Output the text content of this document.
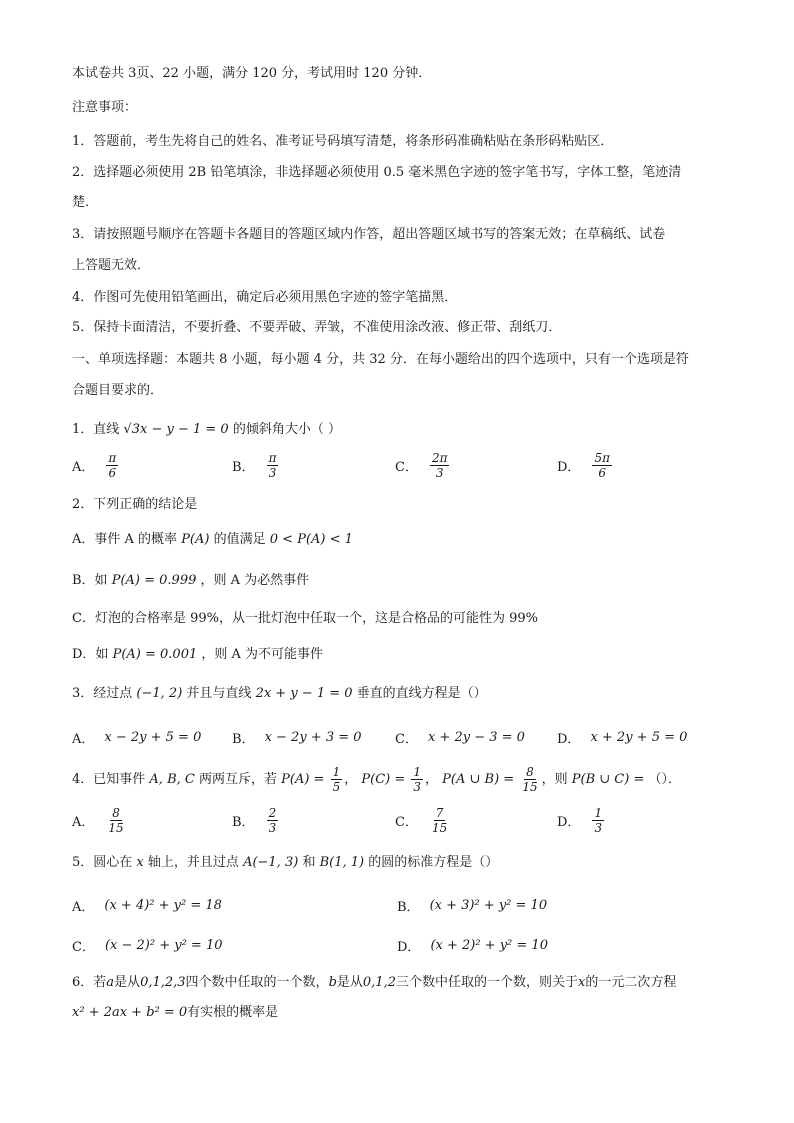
本试卷共 3页、22 小题，满分 120 分，考试用时 120 分钟．
注意事项：
1．答题前，考生先将自己的姓名、准考证号码填写清楚，将条形码准确粘贴在条形码粘贴区．
2．选择题必须使用 2B 铅笔填涂，非选择题必须使用 0.5 毫米黑色字迹的签字笔书写，字体工整，笔迹清
楚．
3．请按照题号顺序在答题卡各题目的答题区域内作答，超出答题区域书写的答案无效；在草稿纸、试卷
上答题无效．
4．作图可先使用铅笔画出，确定后必须用黑色字迹的签字笔描黑．
5．保持卡面清洁，不要折叠、不要弄破、弄皱，不准使用涂改液、修正带、刮纸刀．
一、单项选择题：本题共 8 小题，每小题 4 分，共 32 分．在每小题给出的四个选项中，只有一个选项是符
合题目要求的．
1．直线 √3x − y − 1 = 0 的倾斜角大小（ ）
A． $\frac{\pi}{6}$	B． $\frac{\pi}{3}$	C． $\frac{2\pi}{3}$	D． $\frac{5\pi}{6}$
2．下列正确的结论是
A．事件 A 的概率 P(A) 的值满足 0 < P(A) < 1
B．如 P(A) = 0.999 ，则 A 为必然事件
C．灯泡的合格率是 99%，从一批灯泡中任取一个，这是合格品的可能性为 99%
D．如 P(A) = 0.001 ，则 A 为不可能事件
3．经过点 (−1, 2) 并且与直线 2x + y − 1 = 0 垂直的直线方程是（）
A． x − 2y + 5 = 0 B． x − 2y + 3 = 0	C． x + 2y − 3 = 0 D． x + 2y + 5 = 0
4．已知事件 A, B, C 两两互斥，若 $P(A) = \frac{1}{5}$ ， $P(C) = \frac{1}{3}$ ， P(A ∪ $B) = \frac{8}{15}$ ，则 P(B ∪ C) = （）．
A． $\frac{8}{15}$	B． $\frac{2}{3}$	C． $\frac{7}{15}$	D． $\frac{1}{3}$
5．圆心在 x 轴上，并且过点 A(−1, 3) 和 B(1, 1) 的圆的标准方程是（）
A． (x + 4)² + y² = 18	B． (x + 3)² + y² = 10
C． (x − 2)² + y² = 10	D． (x + 2)² + y² = 10
6．若a是从0,1,2,3四个数中任取的一个数，b是从0,1,2三个数中任取的一个数，则关于x的一元二次方程
x² + 2ax + b² = 0有实根的概率是
